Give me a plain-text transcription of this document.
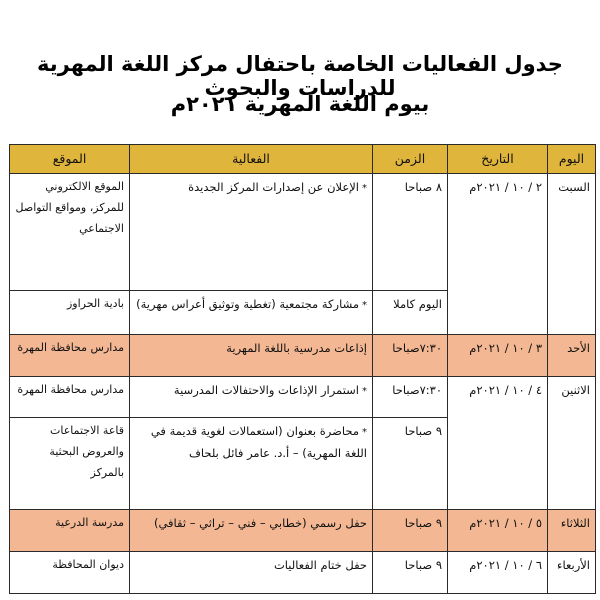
جدول الفعاليات الخاصة باحتفال مركز اللغة المهرية للدراسات والبحوث
بيوم اللغة المهرية ٢٠٢١م
اليوم	التاريخ	الزمن	الفعالية	الموقع
السبت	٢ / ١٠ / ٢٠٢١م	٨ صباحا	*الإعلان عن إصدارات المركز الجديدة	الموقع الالكتروني للمركز، ومواقع التواصل الاجتماعي
		اليوم كاملا	*مشاركة مجتمعية (تغطية وتوثيق أعراس مهرية)	بادية الحراوز
الأحد	٣ / ١٠ / ٢٠٢١م	٧:٣٠صباحا	إذاعات مدرسية باللغة المهرية	مدارس محافظة المهرة
الاثنين	٤ / ١٠ / ٢٠٢١م	٧:٣٠صباحا	*استمرار الإذاعات والاحتفالات المدرسية	مدارس محافظة المهرة
		٩ صباحا	*محاضرة بعنوان (استعمالات لغوية قديمة في اللغة المهرية) – أ.د. عامر فائل بلحاف	قاعة الاجتماعات والعروض البحثية بالمركز
الثلاثاء	٥ / ١٠ / ٢٠٢١م	٩ صباحا	حفل رسمي (خطابي – فني – تراثي – ثقافي)	مدرسة الدرعية
الأربعاء	٦ / ١٠ / ٢٠٢١م	٩ صباحا	حفل ختام الفعاليات	ديوان المحافظة
